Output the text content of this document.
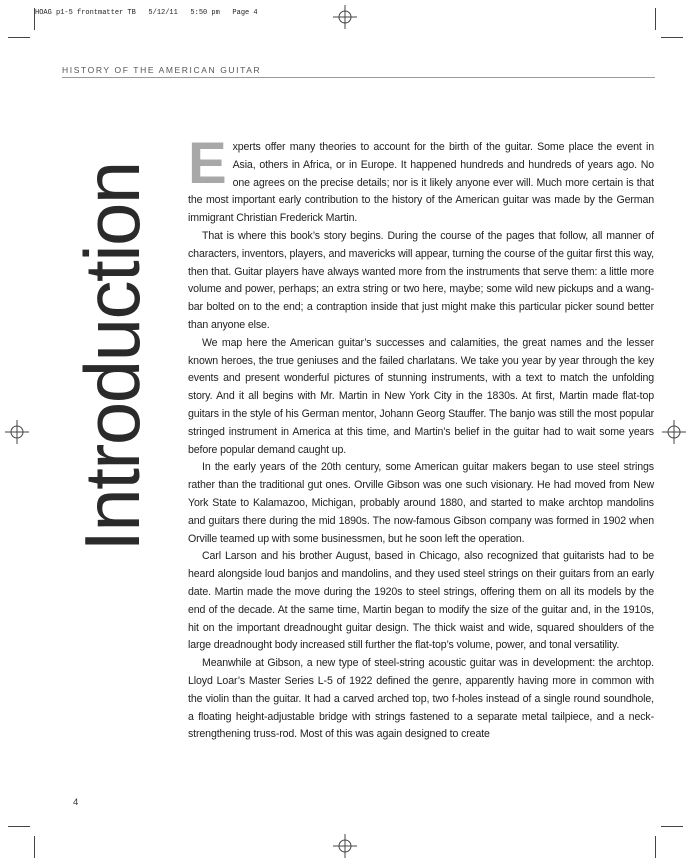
HOAG p1-5 frontmatter TB   5/12/11   5:50 pm   Page 4
HISTORY OF THE AMERICAN GUITAR
Introduction Experts offer many theories to account for the birth of the guitar. Some place the event in Asia, others in Africa, or in Europe. It happened hundreds and hundreds of years ago. No one agrees on the precise details; nor is it likely anyone ever will. Much more certain is that the most important early contribution to the history of the American guitar was made by the German immigrant Christian Frederick Martin.

That is where this book’s story begins. During the course of the pages that follow, all manner of characters, inventors, players, and mavericks will appear, turning the course of the guitar first this way, then that. Guitar players have always wanted more from the instruments that serve them: a little more volume and power, perhaps; an extra string or two here, maybe; some wild new pickups and a wang-bar bolted on to the end; a contraption inside that just might make this particular picker sound better than anyone else.

We map here the American guitar’s successes and calamities, the great names and the lesser known heroes, the true geniuses and the failed charlatans. We take you year by year through the key events and present wonderful pictures of stunning instruments, with a text to match the unfolding story. And it all begins with Mr. Martin in New York City in the 1830s. At first, Martin made flat-top guitars in the style of his German mentor, Johann Georg Stauffer. The banjo was still the most popular stringed instrument in America at this time, and Martin’s belief in the guitar had to wait some years before popular demand caught up.

In the early years of the 20th century, some American guitar makers began to use steel strings rather than the traditional gut ones. Orville Gibson was one such visionary. He had moved from New York State to Kalamazoo, Michigan, probably around 1880, and started to make archtop mandolins and guitars there during the mid 1890s. The now-famous Gibson company was formed in 1902 when Orville teamed up with some businessmen, but he soon left the operation.

Carl Larson and his brother August, based in Chicago, also recognized that guitarists had to be heard alongside loud banjos and mandolins, and they used steel strings on their guitars from an early date. Martin made the move during the 1920s to steel strings, offering them on all its models by the end of the decade. At the same time, Martin began to modify the size of the guitar and, in the 1910s, hit on the important dreadnought guitar design. The thick waist and wide, squared shoulders of the large dreadnought body increased still further the flat-top’s volume, power, and tonal versatility.

Meanwhile at Gibson, a new type of steel-string acoustic guitar was in development: the archtop. Lloyd Loar’s Master Series L-5 of 1922 defined the genre, apparently having more in common with the violin than the guitar. It had a carved arched top, two f-holes instead of a single round soundhole, a floating height-adjustable bridge with strings fastened to a separate metal tailpiece, and a neck-strengthening truss-rod. Most of this was again designed to create

4
